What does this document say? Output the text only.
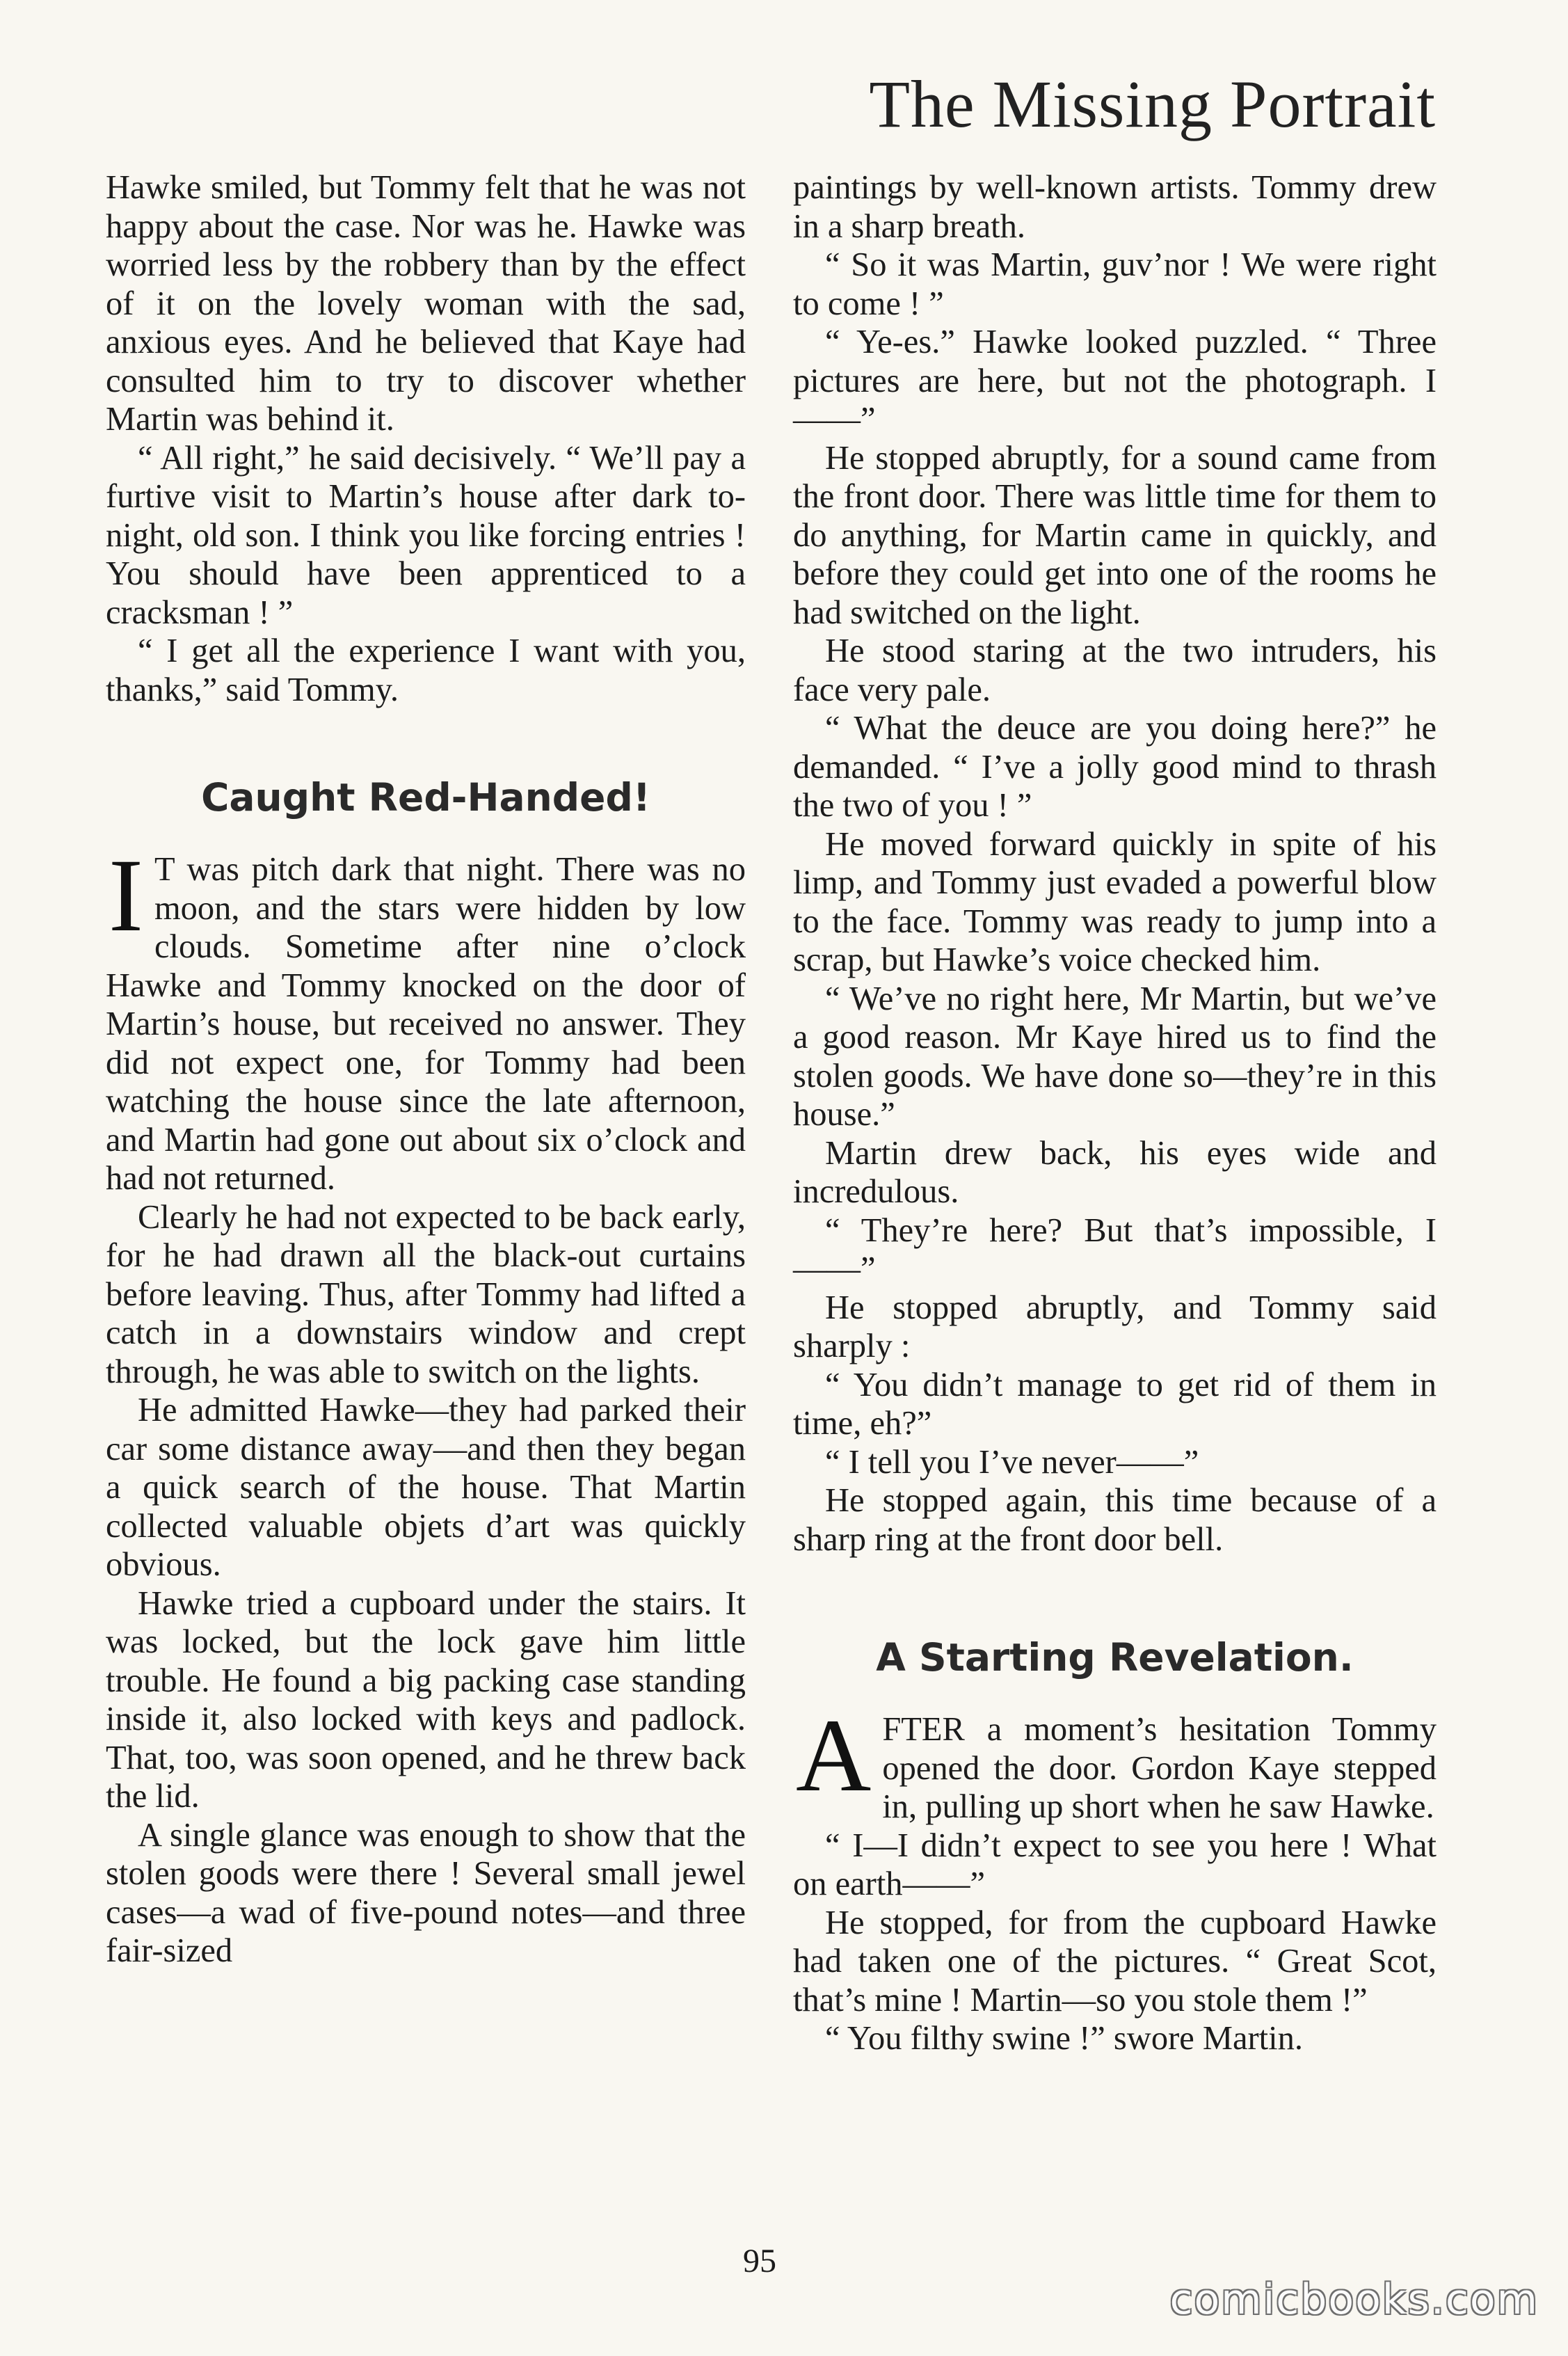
The Missing Portrait

Hawke smiled, but Tommy felt that he was not happy about the case. Nor was he. Hawke was worried less by the robbery than by the effect of it on the lovely woman with the sad, anxious eyes. And he believed that Kaye had consulted him to try to discover whether Martin was behind it.

“ All right,” he said decisively. “ We’ll pay a furtive visit to Martin’s house after dark to-night, old son. I think you like forcing entries ! You should have been apprenticed to a cracksman ! ”

“ I get all the experience I want with you, thanks,” said Tommy.

Caught Red-Handed!

I T was pitch dark that night. There was no moon, and the stars were hidden by low clouds. Sometime after nine o’clock Hawke and Tommy knocked on the door of Martin’s house, but received no answer. They did not expect one, for Tommy had been watching the house since the late afternoon, and Martin had gone out about six o’clock and had not returned.

Clearly he had not expected to be back early, for he had drawn all the black-out curtains before leaving. Thus, after Tommy had lifted a catch in a downstairs window and crept through, he was able to switch on the lights.

He admitted Hawke—they had parked their car some distance away—and then they began a quick search of the house. That Martin collected valuable objets d’art was quickly obvious.

Hawke tried a cupboard under the stairs. It was locked, but the lock gave him little trouble. He found a big packing case standing inside it, also locked with keys and padlock. That, too, was soon opened, and he threw back the lid.

A single glance was enough to show that the stolen goods were there ! Several small jewel cases—a wad of five-pound notes—and three fair-sized

paintings by well-known artists. Tommy drew in a sharp breath.

“ So it was Martin, guv’nor ! We were right to come ! ”

“ Ye-es.” Hawke looked puzzled. “ Three pictures are here, but not the photograph. I——”

He stopped abruptly, for a sound came from the front door. There was little time for them to do anything, for Martin came in quickly, and before they could get into one of the rooms he had switched on the light.

He stood staring at the two intruders, his face very pale.

“ What the deuce are you doing here?” he demanded. “ I’ve a jolly good mind to thrash the two of you ! ”

He moved forward quickly in spite of his limp, and Tommy just evaded a powerful blow to the face. Tommy was ready to jump into a scrap, but Hawke’s voice checked him.

“ We’ve no right here, Mr Martin, but we’ve a good reason. Mr Kaye hired us to find the stolen goods. We have done so—they’re in this house.”

Martin drew back, his eyes wide and incredulous.

“ They’re here? But that’s impossible, I——”

He stopped abruptly, and Tommy said sharply :

“ You didn’t manage to get rid of them in time, eh?”

“ I tell you I’ve never——”

He stopped again, this time because of a sharp ring at the front door bell.

A Starting Revelation.

AFTER a moment’s hesitation Tommy opened the door. Gordon Kaye stepped in, pulling up short when he saw Hawke.

“ I—I didn’t expect to see you here ! What on earth——”

He stopped, for from the cupboard Hawke had taken one of the pictures. “ Great Scot, that’s mine ! Martin—so you stole them !”

“ You filthy swine !” swore Martin.

95
comicbooks.com
